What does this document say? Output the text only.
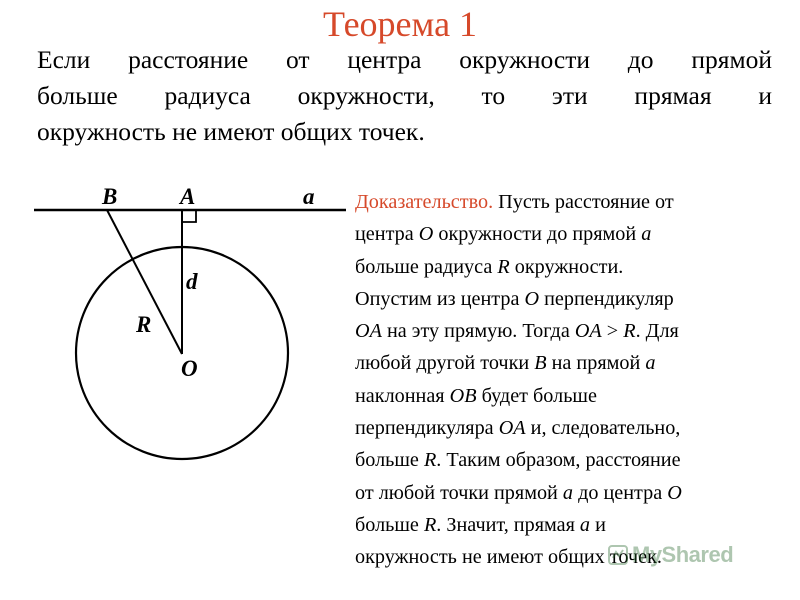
Теорема 1
Если расстояние от центра окружности до прямой
больше радиуса окружности, то эти прямая и
окружность не имеют общих точек.
B	A	a
d
R
O
Доказательство. Пусть расстояние от
центра O окружности до прямой a
больше радиуса R окружности.
Опустим из центра O перпендикуляр
OA на эту прямую. Тогда OA > R. Для
любой другой точки B на прямой a
наклонная OB будет больше
перпендикуляра OA и, следовательно,
больше R. Таким образом, расстояние
от любой точки прямой a до центра O
больше R. Значит, прямая a и
окружность не имеют общих точек.
MyShared
